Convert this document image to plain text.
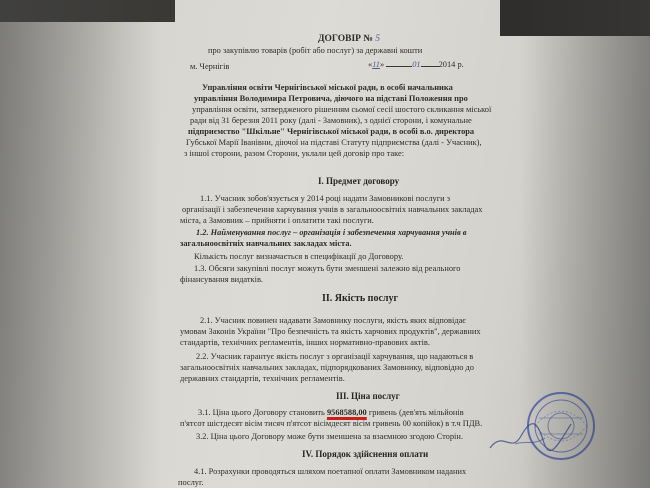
ДОГОВІР № 5
про закупівлю товарів (робіт або послуг) за державні кошти
м. Чернігів	«11»	01 2014 р.
Управління освіти Чернігівської міської ради, в особі начальника
управління Володимира Петровича, діючого на підставі Положення про
управління освіти, затвердженого рішенням сьомої сесії шостого скликання міської
ради від 31 березня 2011 року (далі - Замовник), з однієї сторони, і комунальне
підприємство "Шкільне" Чернігівської міської ради, в особі в.о. директора
Губської Марії Іванівни, діючої на підставі Статуту підприємства (далі - Учасник),
з іншої сторони, разом Сторони, уклали цей договір про таке:
І. Предмет договору
1.1. Учасник зобов'язується у 2014 році надати Замовникові послуги з
організації і забезпечення харчування учнів в загальноосвітніх навчальних закладах
міста, а Замовник – прийняти і оплатити такі послуги.
1.2. Найменування послуг – організація і забезпечення харчування учнів в
загальноосвітніх навчальних закладах міста.
Кількість послуг визначається в специфікації до Договору.
1.3. Обсяги закупівлі послуг можуть бути зменшені залежно від реального
фінансування видатків.
ІІ. Якість послуг
2.1. Учасник повинен надавати Замовнику послуги, якість яких відповідає
умовам Законів України "Про безпечність та якість харчових продуктів", державних
стандартів, технічних регламентів, інших нормативно-правових актів.
2.2. Учасник гарантує якість послуг з організації харчування, що надаються в
загальноосвітніх навчальних закладах, підпорядкованих Замовнику, відповідно до
державних стандартів, технічних регламентів.
ІІІ. Ціна послуг
3.1. Ціна цього Договору становить 9568588,00 гривень (дев'ять мільйонів
п'ятсот шістдесят вісім тисяч п'ятсот вісімдесят вісім гривень 00 копійок) в т.ч ПДВ.
3.2. Ціна цього Договору може бути зменшена за взаємною згодою Сторін.
IV. Порядок здійснення оплати
4.1. Розрахунки проводяться шляхом поетапної оплати Замовником наданих
послуг.
